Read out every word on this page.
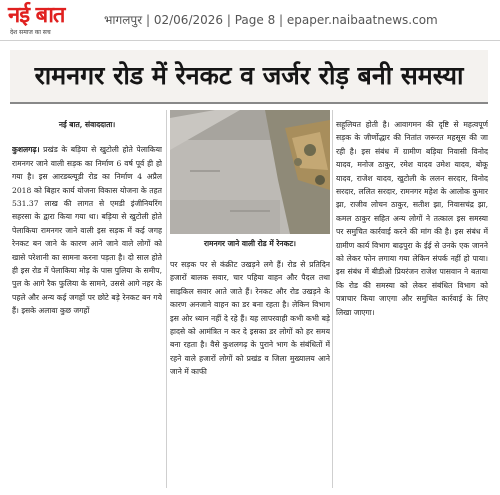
नई बात
देश समाज का सच
भागलपुर | 02/06/2026 | Page 8 | epaper.naibaatnews.com
रामनगर रोड में रेनकट व जर्जर रोड़ बनी समस्या
नई बात, संवाददाता।
कुशलगढ़। प्रखंड के बड़िया से खुटोली होते पेलाकिया रामनगर जाने वाली सड़क का निर्माण 6 वर्ष पूर्व ही हो गया है। इस आरडब्ल्यूडी रोड का निर्माण 4 अप्रैल 2018 को बिहार कार्य योजना विकास योजना के तहत 531.37 लाख की लागत से एमडी इंजीनियरिंग सहरसा के द्वारा किया गया था। बड़िया से खुटोली होते पेलाकिया रामनगर जाने वाली इस सड़क में कई जगह रेनकट बन जाने के कारण आने जाने वाले लोगों को खासे परेशानी का सामना करना पड़ता है। दो साल होते ही इस रोड में पेलाकिया मोड़ के पास पुलिया के समीप, पुल के आगे रैक फुलिया के सामने, उससे आगे नहर के पहले और अन्य कई जगहों पर छोटे बड़े रेनकट बन गये हैं। इसके अलावा कुछ जगहों
रामनगर जाने वाली रोड में रेनकट।
पर सड़क पर से कंक्रीट उखड़ने लगे हैं। रोड से प्रतिदिन हजारों बालक सवार, चार पहिया वाहन और पैदल तथा साइकिल सवार आते जाते हैं। रेनकट और रोड उखड़ने के कारण अनजाने वाहन का डर बना रहता है। लेकिन विभाग इस ओर ध्यान नहीं दे रहे हैं। यह लापरवाही कभी कभी बड़े हादसे को आमंत्रित न कर दे इसका डर लोगों को हर समय बना रहता है। वैसे कुशलगढ़ के पुराने भाग के संबंधितों में रहने वाले हजारों लोगों को प्रखंड व जिला मुख्यालय आने जाने में काफी
सहूलियत होती है। आवागमन की दृष्टि से महत्वपूर्ण सड़क के जीर्णोद्धार की नितांत जरूरत महसूस की जा रही है। इस संबंध में ग्रामीण बड़िया निवासी विनोद यादव, मनोज ठाकुर, रमेश यादव उमेश यादव, बोकू यादव, राजेश यादव, खुटोली के ललन सरदार, विनोद सरदार, ललित सरदार, रामनगर महेश के आलोक कुमार झा, राजीव लोचन ठाकुर, सतीश झा, निवासचंद्र झा, कमल ठाकुर सहित अन्य लोगों ने तत्काल इस समस्या पर समुचित कार्रवाई करने की मांग की है। इस संबंध में ग्रामीण कार्य विभाग बाढ़पुरा के ईई से उनके एक जानने को लेकर फोन लगाया गया लेकिन संपर्क नहीं हो पाया। इस संबंध में बीडीओ प्रियरंजन राजेश पासवान ने बताया कि रोड की समस्या को लेकर संबंधित विभाग को पत्राचार किया जाएगा और समुचित कार्रवाई के लिए लिखा जाएगा।
